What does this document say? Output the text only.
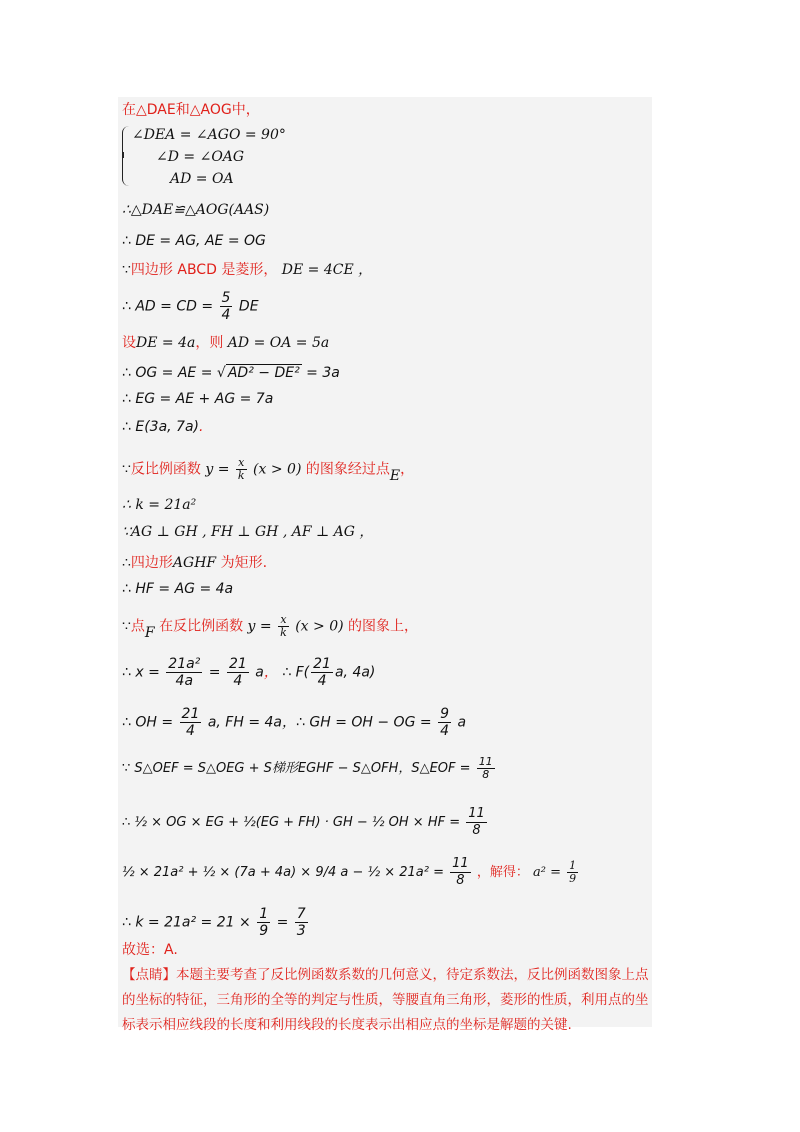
在△DAE和△AOG中，
∠DEA = ∠AGO = 90°
∠D = ∠OAG
AD = OA
∴△DAE≌△AOG(AAS)
∴ DE = AG, AE = OG
∵四边形 ABCD 是菱形， DE = 4CE ，
∴ AD = CD = $\frac{5}{4}$ DE
设DE = 4a，则 AD = OA = 5a
∴ OG = AE = √ AD² − DE² = 3a
∴ EG = AE + AG = 7a
∴ E(3a, 7a).
∵反比例函数 $y = \frac{x}{k} (x > 0)$ 的图象经过点E，
∴ k = 21a²
∵AG ⊥ GH , FH ⊥ GH , AF ⊥ AG ，
∴四边形AGHF 为矩形.
∴ HF = AG = 4a
∵点F 在反比例函数 $y = \frac{x}{k} (x > 0)$ 的图象上，
∴ $x = \frac{\text{21a²}}{4a} = \frac{21}{4}$ a， ∴ $F( \frac{21}{4} a$, 4a)
∴ OH = $\frac{21}{4} a$, FH = 4a，∴ GH = OH − OG = $\frac{9}{4}$ a
∵ S△OEF = S△OEG + S梯形EGHF − S△OFH，S△EOF = $\frac{11}{8}$
∴ ½ × OG × EG + ½(EG + FH) · GH − ½ OH × HF = $\frac{11}{8}$
½ × 21a² + ½ × (7a + 4a) × 9/4 a − ½ × $21a^2 = \frac{11}{8}$ ，解得： $a^2 = \frac{1}{9}$
∴ $k = 21a^2 = 21 \times \frac{1}{9} = \frac{7}{3}$
故选：A.
【点睛】本题主要考查了反比例函数系数的几何意义，待定系数法，反比例函数图象上点
的坐标的特征，三角形的全等的判定与性质，等腰直角三角形，菱形的性质，利用点的坐
标表示相应线段的长度和利用线段的长度表示出相应点的坐标是解题的关键.
